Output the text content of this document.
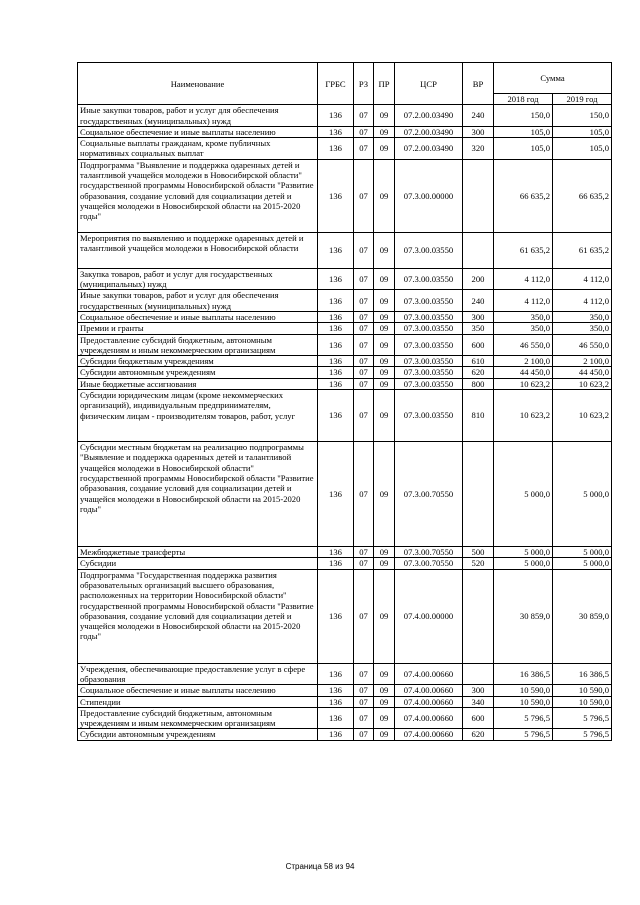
Наименование	ГРБС	РЗ	ПР	ЦСР	ВР	Сумма	
						2018 год	2019 год
Иные закупки товаров, работ и услуг для обеспечения государственных (муниципальных) нужд	136	07	09	07.2.00.03490	240	150,0	150,0
Социальное обеспечение и иные выплаты населению	136	07	09	07.2.00.03490	300	105,0	105,0
Социальные выплаты гражданам, кроме публичных нормативных социальных выплат	136	07	09	07.2.00.03490	320	105,0	105,0
Подпрограмма "Выявление и поддержка одаренных детей и талантливой учащейся молодежи в Новосибирской области" государственной программы Новосибирской области "Развитие образования, создание условий для социализации детей и учащейся молодежи в Новосибирской области на 2015-2020 годы"	136	07	09	07.3.00.00000		66 635,2	66 635,2
Мероприятия по выявлению и поддержке одаренных детей и талантливой учащейся молодежи в Новосибирской области	136	07	09	07.3.00.03550		61 635,2	61 635,2
Закупка товаров, работ и услуг для государственных (муниципальных) нужд	136	07	09	07.3.00.03550	200	4 112,0	4 112,0
Иные закупки товаров, работ и услуг для обеспечения государственных (муниципальных) нужд	136	07	09	07.3.00.03550	240	4 112,0	4 112,0
Социальное обеспечение и иные выплаты населению	136	07	09	07.3.00.03550	300	350,0	350,0
Премии и гранты	136	07	09	07.3.00.03550	350	350,0	350,0
Предоставление субсидий бюджетным, автономным учреждениям и иным некоммерческим организациям	136	07	09	07.3.00.03550	600	46 550,0	46 550,0
Субсидии бюджетным учреждениям	136	07	09	07.3.00.03550	610	2 100,0	2 100,0
Субсидии автономным учреждениям	136	07	09	07.3.00.03550	620	44 450,0	44 450,0
Иные бюджетные ассигнования	136	07	09	07.3.00.03550	800	10 623,2	10 623,2
Субсидии юридическим лицам (кроме некоммерческих организаций), индивидуальным предпринимателям, физическим лицам - производителям товаров, работ, услуг	136	07	09	07.3.00.03550	810	10 623,2	10 623,2
Субсидии местным бюджетам на реализацию подпрограммы "Выявление и поддержка одаренных детей и талантливой учащейся молодежи в Новосибирской области" государственной программы Новосибирской области "Развитие образования, создание условий для социализации детей и учащейся молодежи в Новосибирской области на 2015-2020 годы"	136	07	09	07.3.00.70550		5 000,0	5 000,0
Межбюджетные трансферты	136	07	09	07.3.00.70550	500	5 000,0	5 000,0
Субсидии	136	07	09	07.3.00.70550	520	5 000,0	5 000,0
Подпрограмма "Государственная поддержка развития образовательных организаций высшего образования, расположенных на территории Новосибирской области" государственной программы Новосибирской области "Развитие образования, создание условий для социализации детей и учащейся молодежи в Новосибирской области на 2015-2020 годы"	136	07	09	07.4.00.00000		30 859,0	30 859,0
Учреждения, обеспечивающие предоставление услуг в сфере образования	136	07	09	07.4.00.00660		16 386,5	16 386,5
Социальное обеспечение и иные выплаты населению	136	07	09	07.4.00.00660	300	10 590,0	10 590,0
Стипендии	136	07	09	07.4.00.00660	340	10 590,0	10 590,0
Предоставление субсидий бюджетным, автономным учреждениям и иным некоммерческим организациям	136	07	09	07.4.00.00660	600	5 796,5	5 796,5
Субсидии автономным учреждениям	136	07	09	07.4.00.00660	620	5 796,5	5 796,5
Страница 58 из 94
